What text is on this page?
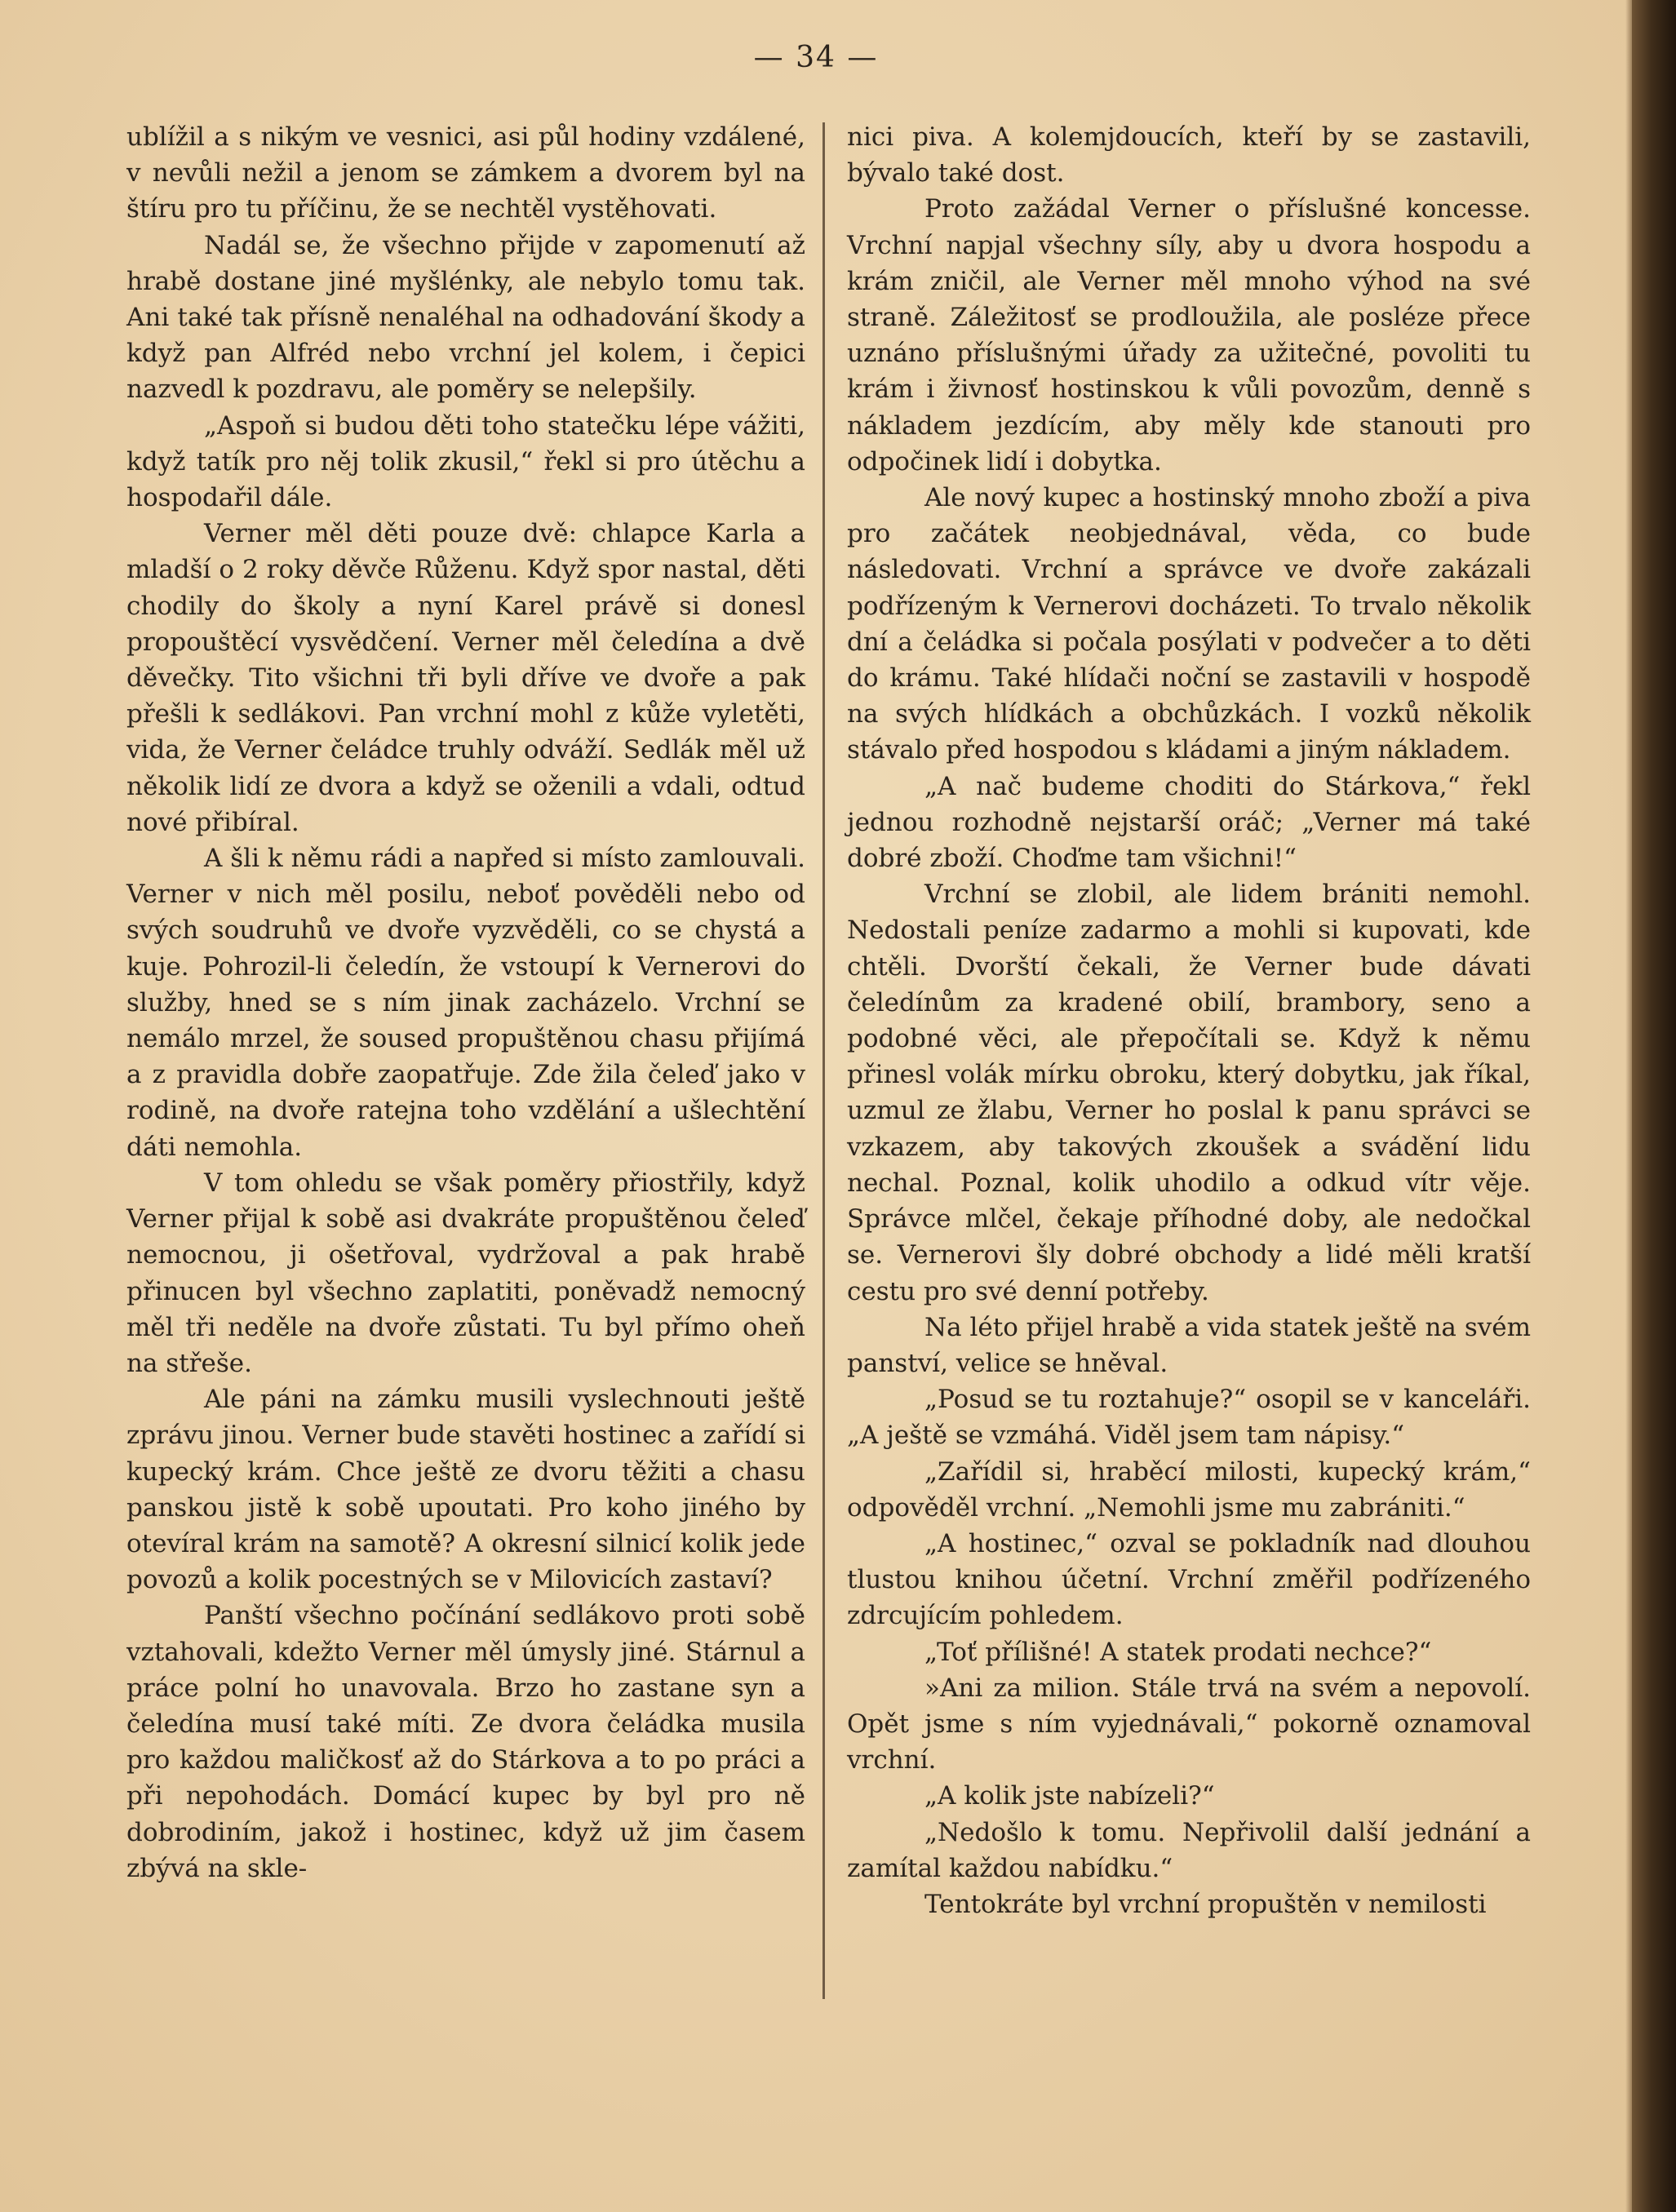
— 34 —

ublížil a s nikým ve vesnici, asi půl hodiny vzdálené, v nevůli nežil a jenom se zámkem a dvorem byl na štíru pro tu příčinu, že se nechtěl vystěhovati.

Nadál se, že všechno přijde v zapomenutí až hrabě dostane jiné myšlénky, ale nebylo tomu tak. Ani také tak přísně nenaléhal na odhadování škody a když pan Alfréd nebo vrchní jel kolem, i čepici nazvedl k pozdravu, ale poměry se nelepšily.

„Aspoň si budou děti toho statečku lépe vážiti, když tatík pro něj tolik zkusil,“ řekl si pro útěchu a hospodařil dále.

Verner měl děti pouze dvě: chlapce Karla a mladší o 2 roky děvče Růženu. Když spor nastal, děti chodily do školy a nyní Karel právě si donesl propouštěcí vysvědčení. Verner měl čeledína a dvě děvečky. Tito všichni tři byli dříve ve dvoře a pak přešli k sedlákovi. Pan vrchní mohl z kůže vyletěti, vida, že Verner čeládce truhly odváží. Sedlák měl už několik lidí ze dvora a když se oženili a vdali, odtud nové přibíral.

A šli k němu rádi a napřed si místo zamlouvali. Verner v nich měl posilu, neboť pověděli nebo od svých soudruhů ve dvoře vyzvěděli, co se chystá a kuje. Pohrozil-li čeledín, že vstoupí k Vernerovi do služby, hned se s ním jinak zacházelo. Vrchní se nemálo mrzel, že soused propuštěnou chasu přijímá a z pravidla dobře zaopatřuje. Zde žila čeleď jako v rodině, na dvoře ratejna toho vzdělání a ušlechtění dáti nemohla.

V tom ohledu se však poměry přiostřily, když Verner přijal k sobě asi dvakráte propuštěnou čeleď nemocnou, ji ošetřoval, vydržoval a pak hrabě přinucen byl všechno zaplatiti, poněvadž nemocný měl tři neděle na dvoře zůstati. Tu byl přímo oheň na střeše.

Ale páni na zámku musili vyslechnouti ještě zprávu jinou. Verner bude stavěti hostinec a zařídí si kupecký krám. Chce ještě ze dvoru těžiti a chasu panskou jistě k sobě upoutati. Pro koho jiného by otevíral krám na samotě? A okresní silnicí kolik jede povozů a kolik pocestných se v Milovicích zastaví?

Panští všechno počínání sedlákovo proti sobě vztahovali, kdežto Verner měl úmysly jiné. Stárnul a práce polní ho unavovala. Brzo ho zastane syn a čeledína musí také míti. Ze dvora čeládka musila pro každou maličkosť až do Stárkova a to po práci a při nepohodách. Domácí kupec by byl pro ně dobrodiním, jakož i hostinec, když už jim časem zbývá na skle-

nici piva. A kolemjdoucích, kteří by se zastavili, bývalo také dost.

Proto zažádal Verner o příslušné koncesse. Vrchní napjal všechny síly, aby u dvora hospodu a krám zničil, ale Verner měl mnoho výhod na své straně. Záležitosť se prodloužila, ale posléze přece uznáno příslušnými úřady za užitečné, povoliti tu krám i živnosť hostinskou k vůli povozům, denně s nákladem jezdícím, aby měly kde stanouti pro odpočinek lidí i dobytka.

Ale nový kupec a hostinský mnoho zboží a piva pro začátek neobjednával, věda, co bude následovati. Vrchní a správce ve dvoře zakázali podřízeným k Vernerovi docházeti. To trvalo několik dní a čeládka si počala posýlati v podvečer a to děti do krámu. Také hlídači noční se zastavili v hospodě na svých hlídkách a obchůzkách. I vozků několik stávalo před hospodou s kládami a jiným nákladem.

„A nač budeme choditi do Stárkova,“ řekl jednou rozhodně nejstarší oráč; „Verner má také dobré zboží. Choďme tam všichni!“

Vrchní se zlobil, ale lidem brániti nemohl. Nedostali peníze zadarmo a mohli si kupovati, kde chtěli. Dvorští čekali, že Verner bude dávati čeledínům za kradené obilí, brambory, seno a podobné věci, ale přepočítali se. Když k němu přinesl volák mírku obroku, který dobytku, jak říkal, uzmul ze žlabu, Verner ho poslal k panu správci se vzkazem, aby takových zkoušek a svádění lidu nechal. Poznal, kolik uhodilo a odkud vítr věje. Správce mlčel, čekaje příhodné doby, ale nedočkal se. Vernerovi šly dobré obchody a lidé měli kratší cestu pro své denní potřeby.

Na léto přijel hrabě a vida statek ještě na svém panství, velice se hněval.

„Posud se tu roztahuje?“ osopil se v kanceláři. „A ještě se vzmáhá. Viděl jsem tam nápisy.“

„Zařídil si, hraběcí milosti, kupecký krám,“ odpověděl vrchní. „Nemohli jsme mu zabrániti.“

„A hostinec,“ ozval se pokladník nad dlouhou tlustou knihou účetní. Vrchní změřil podřízeného zdrcujícím pohledem.

„Toť přílišné! A statek prodati nechce?“

»Ani za milion. Stále trvá na svém a nepovolí. Opět jsme s ním vyjednávali,“ pokorně oznamoval vrchní.

„A kolik jste nabízeli?“

„Nedošlo k tomu. Nepřivolil další jednání a zamítal každou nabídku.“

Tentokráte byl vrchní propuštěn v nemilosti
